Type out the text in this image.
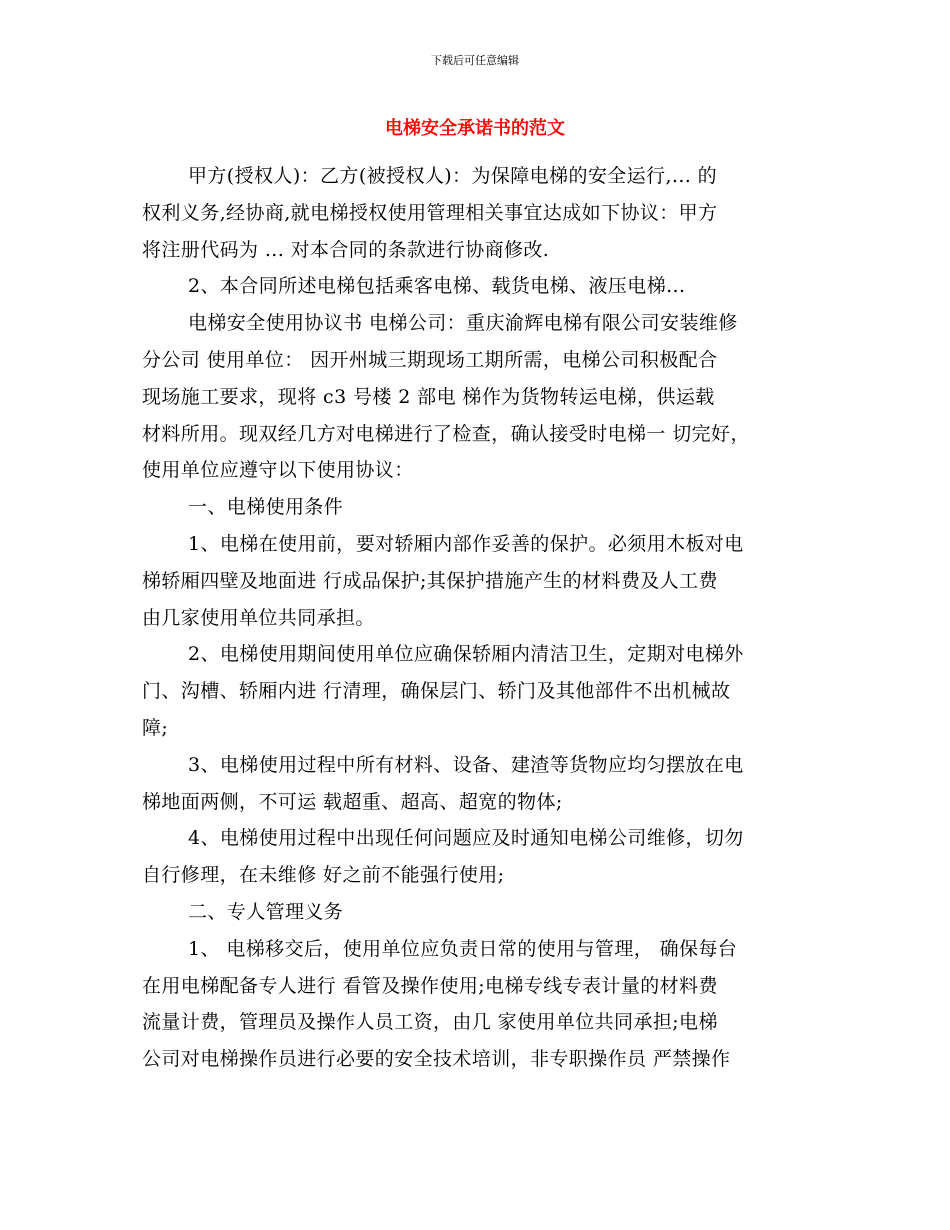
下载后可任意编辑
电梯安全承诺书的范文
甲方(授权人)：乙方(被授权人)：为保障电梯的安全运行,... 的
权利义务,经协商,就电梯授权使用管理相关事宜达成如下协议：甲方
将注册代码为 ... 对本合同的条款进行协商修改.
2、本合同所述电梯包括乘客电梯、载货电梯、液压电梯...
电梯安全使用协议书 电梯公司：重庆渝辉电梯有限公司安装维修
分公司 使用单位： 因开州城三期现场工期所需，电梯公司积极配合
现场施工要求，现将 c3 号楼 2 部电 梯作为货物转运电梯，供运载
材料所用。现双经几方对电梯进行了检查，确认接受时电梯一 切完好，
使用单位应遵守以下使用协议：
一、电梯使用条件
1、电梯在使用前，要对轿厢内部作妥善的保护。必须用木板对电
梯轿厢四壁及地面进 行成品保护;其保护措施产生的材料费及人工费
由几家使用单位共同承担。
2、电梯使用期间使用单位应确保轿厢内清洁卫生，定期对电梯外
门、沟槽、轿厢内进 行清理，确保层门、轿门及其他部件不出机械故
障;
3、电梯使用过程中所有材料、设备、建渣等货物应均匀摆放在电
梯地面两侧，不可运 载超重、超高、超宽的物体;
4、电梯使用过程中出现任何问题应及时通知电梯公司维修，切勿
自行修理，在未维修 好之前不能强行使用;
二、专人管理义务
1、 电梯移交后，使用单位应负责日常的使用与管理， 确保每台
在用电梯配备专人进行 看管及操作使用;电梯专线专表计量的材料费
流量计费，管理员及操作人员工资，由几 家使用单位共同承担;电梯
公司对电梯操作员进行必要的安全技术培训，非专职操作员 严禁操作
